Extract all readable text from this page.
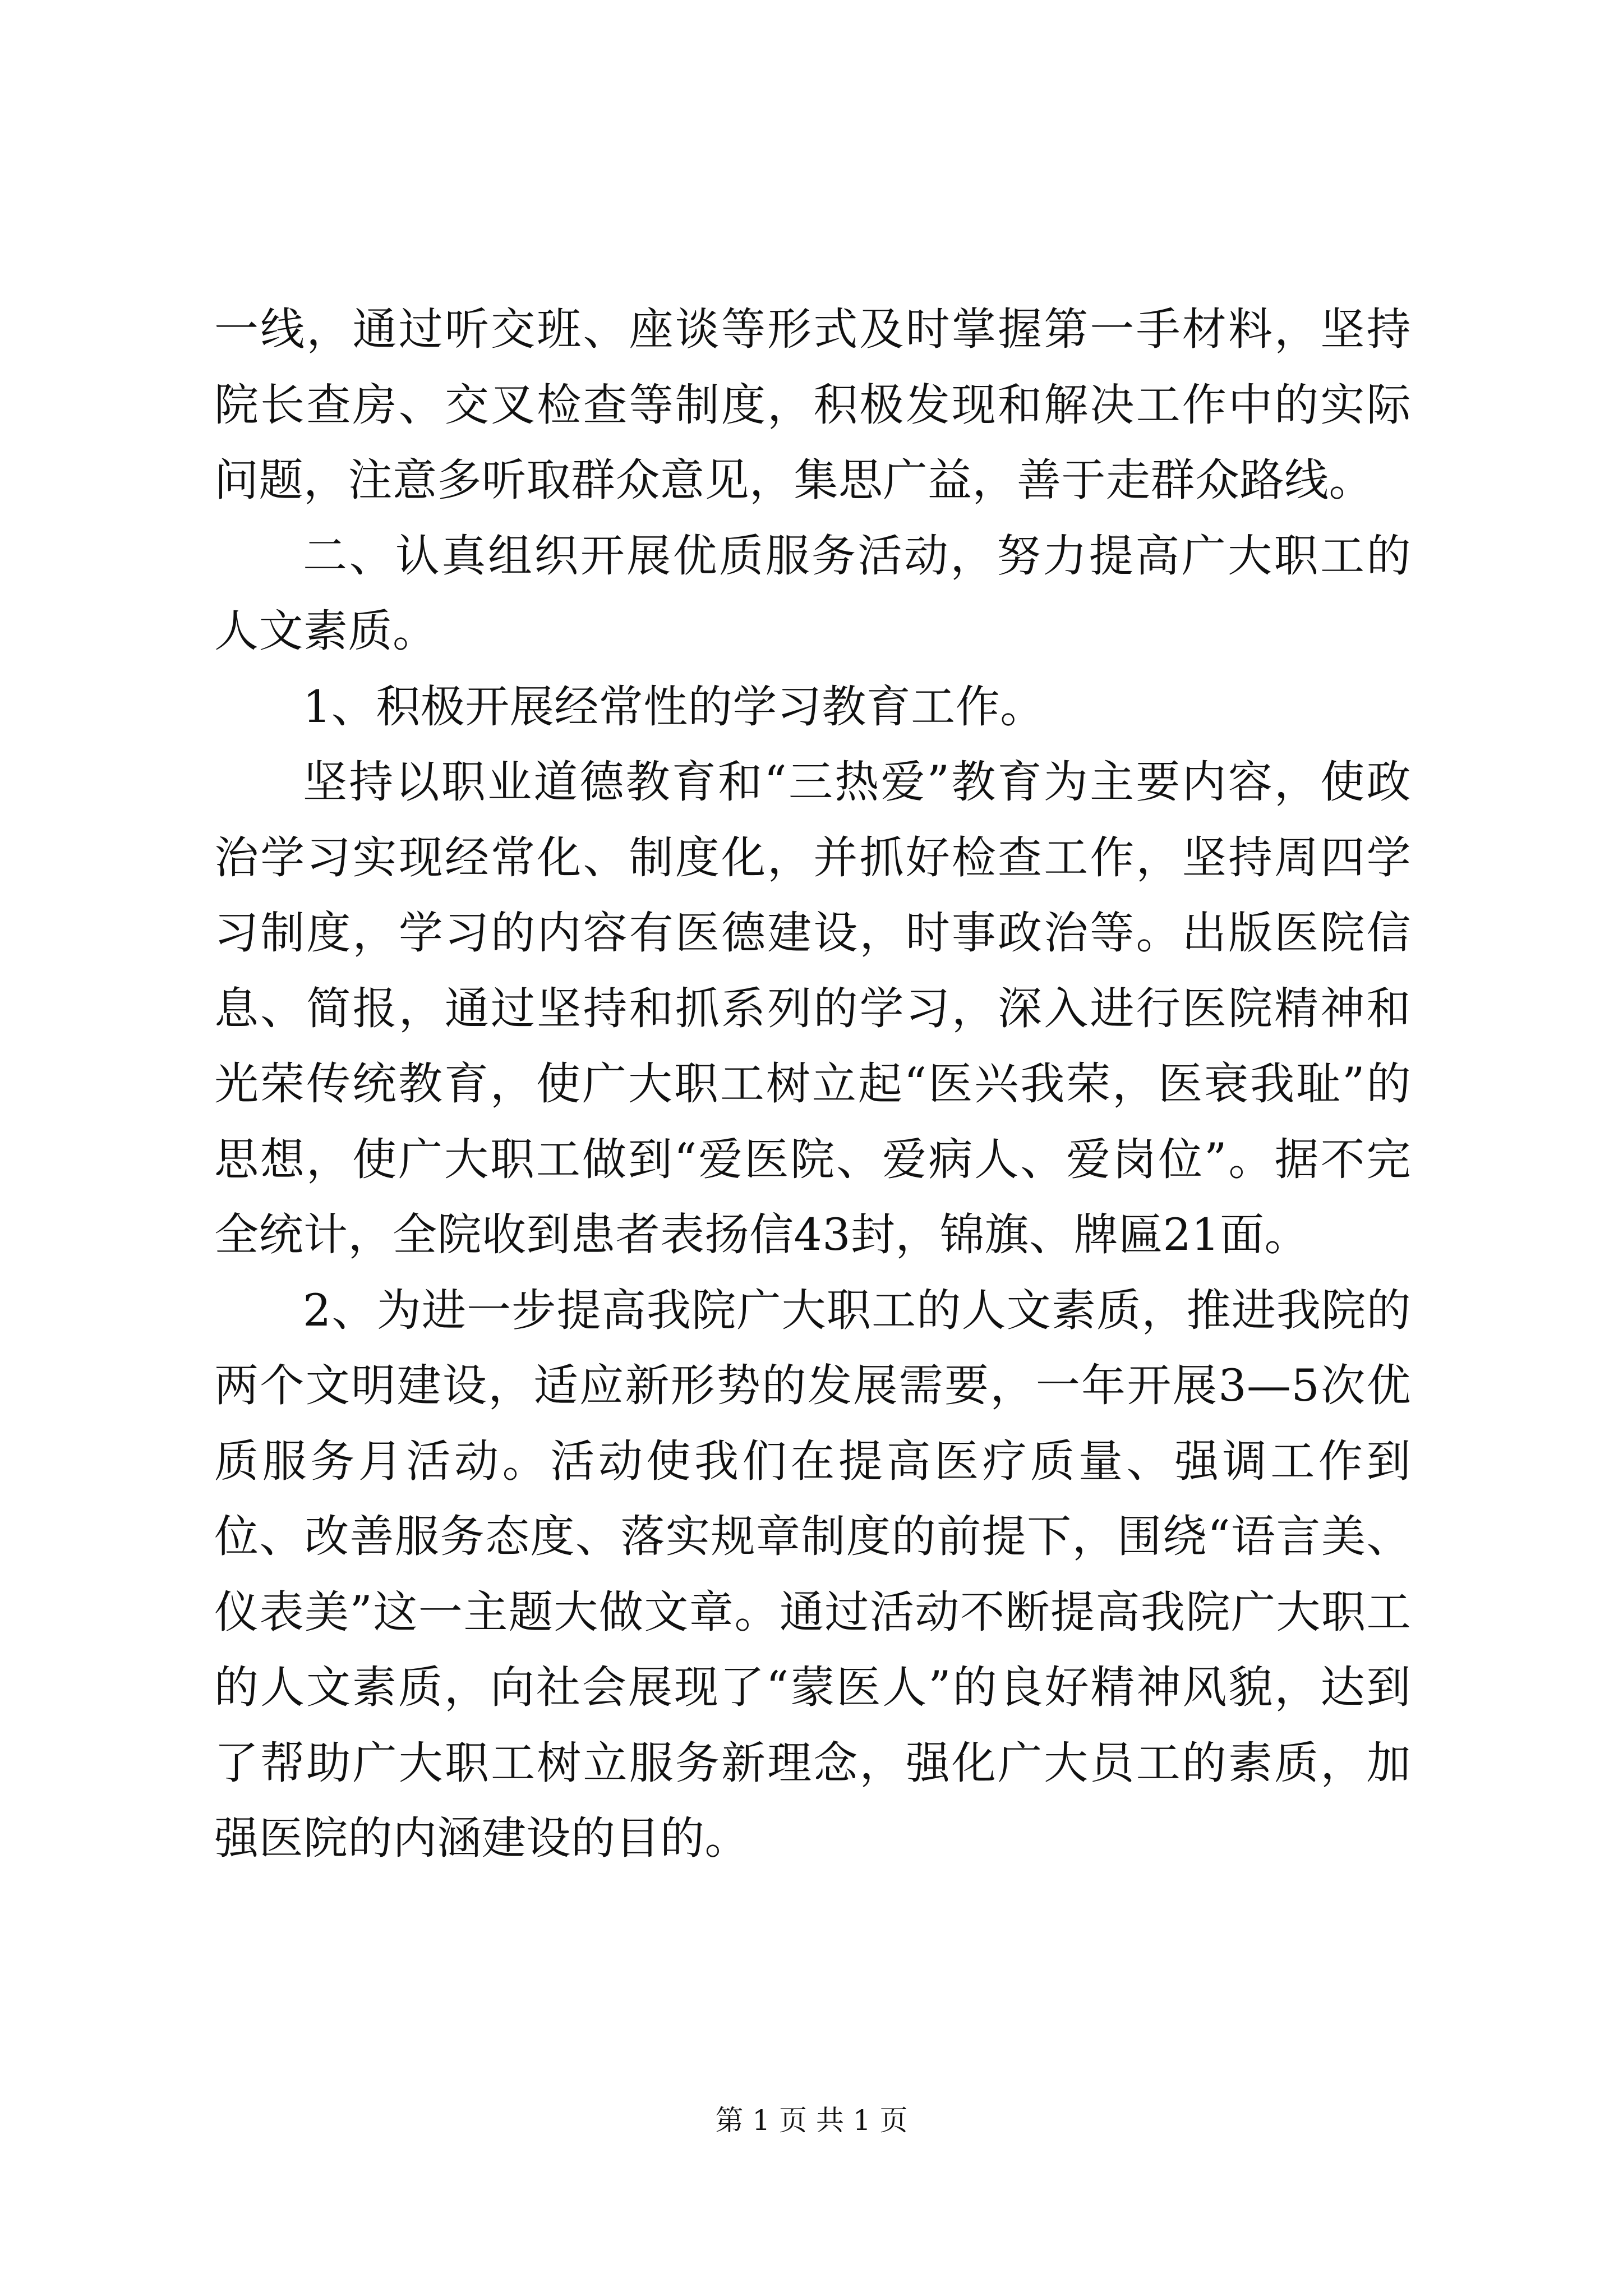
一线，通过听交班、座谈等形式及时掌握第一手材料，坚持院长查房、交叉检查等制度，积极发现和解决工作中的实际问题，注意多听取群众意见，集思广益，善于走群众路线。

二、认真组织开展优质服务活动，努力提高广大职工的人文素质。

1、积极开展经常性的学习教育工作。

坚持以职业道德教育和“三热爱”教育为主要内容，使政治学习实现经常化、制度化，并抓好检查工作，坚持周四学习制度，学习的内容有医德建设，时事政治等。出版医院信息、简报，通过坚持和抓系列的学习，深入进行医院精神和光荣传统教育，使广大职工树立起“医兴我荣，医衰我耻”的思想，使广大职工做到“爱医院、爱病人、爱岗位”。据不完全统计，全院收到患者表扬信43封，锦旗、牌匾21面。

2、为进一步提高我院广大职工的人文素质，推进我院的两个文明建设，适应新形势的发展需要，一年开展3—5次优质服务月活动。活动使我们在提高医疗质量、强调工作到位、改善服务态度、落实规章制度的前提下，围绕“语言美、仪表美”这一主题大做文章。通过活动不断提高我院广大职工的人文素质，向社会展现了“蒙医人”的良好精神风貌，达到了帮助广大职工树立服务新理念，强化广大员工的素质，加强医院的内涵建设的目的。

第 1 页 共 1 页
